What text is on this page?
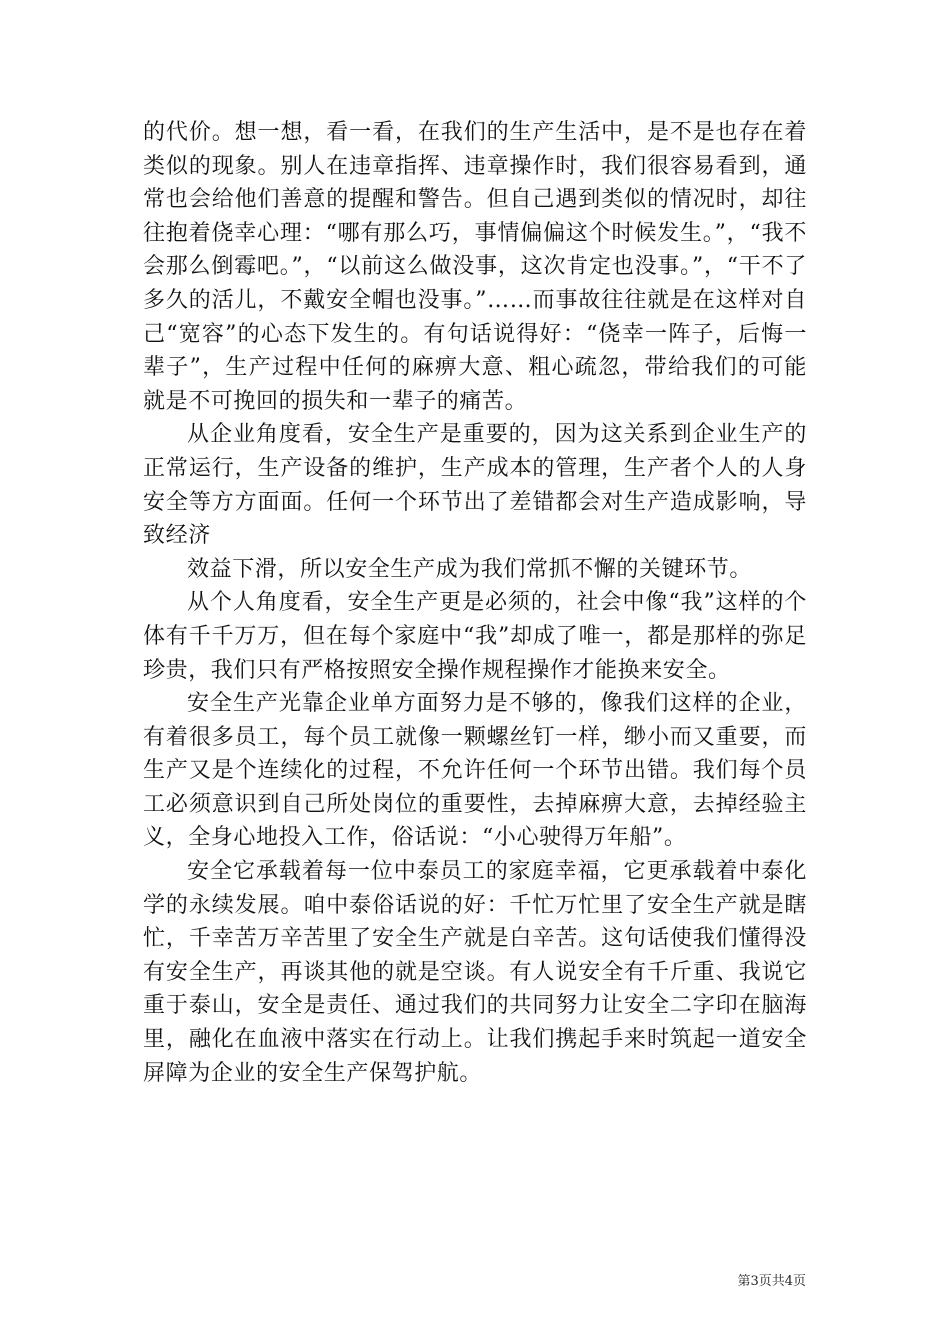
的代价。想一想，看一看，在我们的生产生活中，是不是也存在着类似的现象。别人在违章指挥、违章操作时，我们很容易看到，通常也会给他们善意的提醒和警告。但自己遇到类似的情况时，却往往抱着侥幸心理：“哪有那么巧，事情偏偏这个时候发生。”，“我不会那么倒霉吧。”，“以前这么做没事，这次肯定也没事。”，“干不了多久的活儿，不戴安全帽也没事。”……而事故往往就是在这样对自己“宽容”的心态下发生的。有句话说得好：“侥幸一阵子，后悔一辈子”，生产过程中任何的麻痹大意、粗心疏忽，带给我们的可能就是不可挽回的损失和一辈子的痛苦。

从企业角度看，安全生产是重要的，因为这关系到企业生产的正常运行，生产设备的维护，生产成本的管理，生产者个人的人身安全等方方面面。任何一个环节出了差错都会对生产造成影响，导致经济

效益下滑，所以安全生产成为我们常抓不懈的关键环节。

从个人角度看，安全生产更是必须的，社会中像“我”这样的个体有千千万万，但在每个家庭中“我”却成了唯一，都是那样的弥足珍贵，我们只有严格按照安全操作规程操作才能换来安全。

安全生产光靠企业单方面努力是不够的，像我们这样的企业，有着很多员工，每个员工就像一颗螺丝钉一样，缈小而又重要，而生产又是个连续化的过程，不允许任何一个环节出错。我们每个员工必须意识到自己所处岗位的重要性，去掉麻痹大意，去掉经验主义，全身心地投入工作，俗话说：“小心驶得万年船”。

安全它承载着每一位中泰员工的家庭幸福，它更承载着中泰化学的永续发展。咱中泰俗话说的好：千忙万忙里了安全生产就是瞎忙，千幸苦万辛苦里了安全生产就是白辛苦。这句话使我们懂得没有安全生产，再谈其他的就是空谈。有人说安全有千斤重、我说它重于泰山，安全是责任、通过我们的共同努力让安全二字印在脑海里，融化在血液中落实在行动上。让我们携起手来时筑起一道安全屏障为企业的安全生产保驾护航。

第3页共4页
